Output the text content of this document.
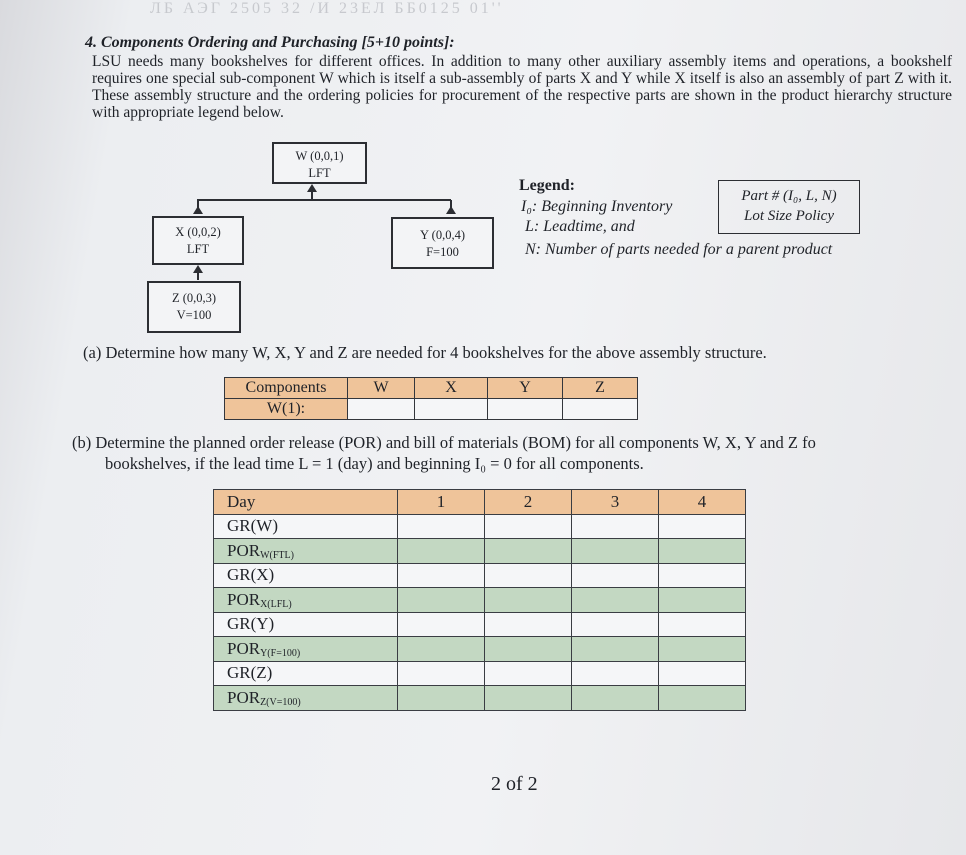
ЛБ АЭГ 2505 32 /И 23ЕЛ ББ0125 01''
4. Components Ordering and Purchasing [5+10 points]:
LSU needs many bookshelves for different offices. In addition to many other auxiliary assembly items and operations, a bookshelf requires one special sub-component W which is itself a sub-assembly of parts X and Y while X itself is also an assembly of part Z with it. These assembly structure and the ordering policies for procurement of the respective parts are shown in the product hierarchy structure with appropriate legend below.
W (0,0,1)
LFT
X (0,0,2)
LFT
Y (0,0,4)
F=100
Z (0,0,3)
V=100
Legend:
I₀: Beginning Inventory
L: Leadtime, and
N: Number of parts needed for a parent product
Part # (I₀, L, N)
Lot Size Policy
(a) Determine how many W, X, Y and Z are needed for 4 bookshelves for the above assembly structure.
Components	W	X	Y	Z
W(1):				
(b) Determine the planned order release (POR) and bill of materials (BOM) for all components W, X, Y and Z fo
bookshelves, if the lead time L = 1 (day) and beginning I₀ = 0 for all components.
Day	1	2	3	4
GR(W)				
$POR_{W(FTL)}$				
GR(X)				
$POR_{X(LFL)}$				
GR(Y)				
$POR_{Y(F=100)}$				
GR(Z)				
$POR_{Z(V=100)}$				
2 of 2
